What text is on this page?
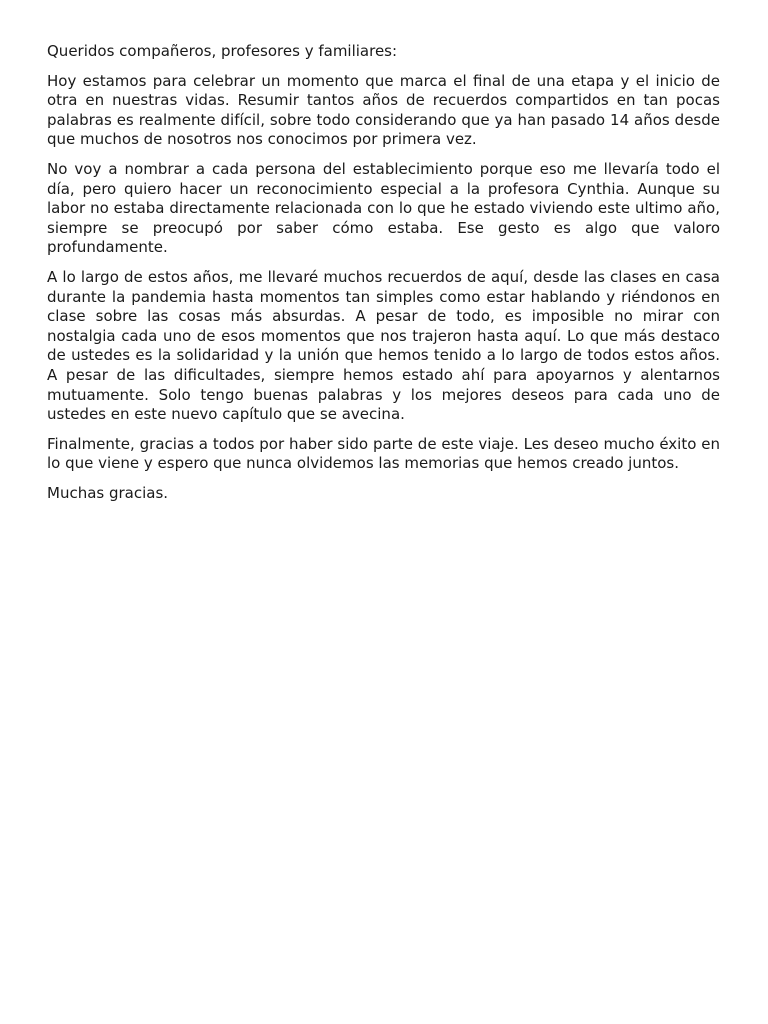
Queridos compañeros, profesores y familiares:

Hoy estamos para celebrar un momento que marca el final de una etapa y el inicio de otra en nuestras vidas. Resumir tantos años de recuerdos compartidos en tan pocas palabras es realmente difícil, sobre todo considerando que ya han pasado 14 años desde que muchos de nosotros nos conocimos por primera vez.

No voy a nombrar a cada persona del establecimiento porque eso me llevaría todo el día, pero quiero hacer un reconocimiento especial a la profesora Cynthia. Aunque su labor no estaba directamente relacionada con lo que he estado viviendo este ultimo año, siempre se preocupó por saber cómo estaba. Ese gesto es algo que valoro profundamente.

A lo largo de estos años, me llevaré muchos recuerdos de aquí, desde las clases en casa durante la pandemia hasta momentos tan simples como estar hablando y riéndonos en clase sobre las cosas más absurdas. A pesar de todo, es imposible no mirar con nostalgia cada uno de esos momentos que nos trajeron hasta aquí. Lo que más destaco de ustedes es la solidaridad y la unión que hemos tenido a lo largo de todos estos años. A pesar de las dificultades, siempre hemos estado ahí para apoyarnos y alentarnos mutuamente. Solo tengo buenas palabras y los mejores deseos para cada uno de ustedes en este nuevo capítulo que se avecina.

Finalmente, gracias a todos por haber sido parte de este viaje. Les deseo mucho éxito en lo que viene y espero que nunca olvidemos las memorias que hemos creado juntos.

Muchas gracias.
